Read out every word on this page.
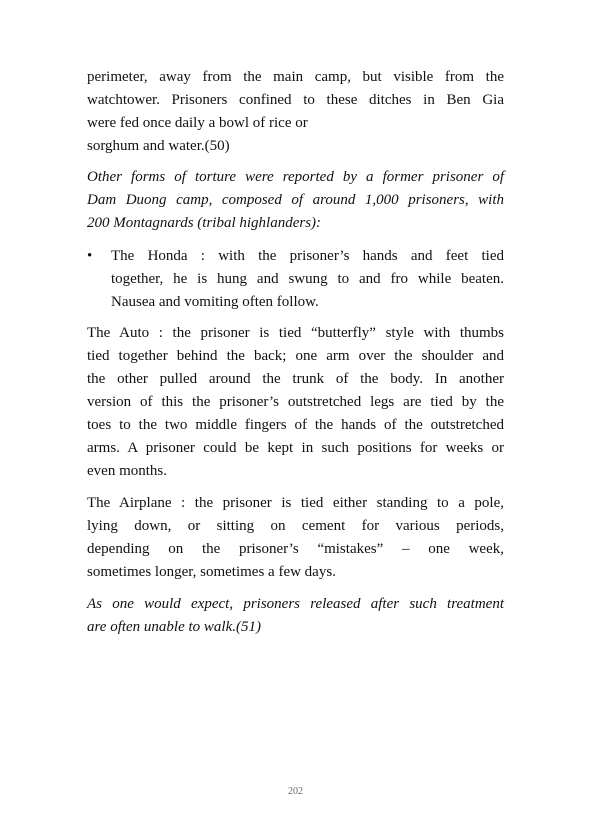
perimeter, away from the main camp, but visible from the
watchtower. Prisoners confined to these ditches in Ben Gia
were fed once daily a bowl of rice or
sorghum and water.(50)

Other forms of torture were reported by a former prisoner of
Dam Duong camp, composed of around 1,000 prisoners, with
200 Montagnards (tribal highlanders):

• The Honda : with the prisoner’s hands and feet tied
together, he is hung and swung to and fro while beaten.
Nausea and vomiting often follow.

The Auto : the prisoner is tied “butterfly” style with thumbs
tied together behind the back; one arm over the shoulder and
the other pulled around the trunk of the body. In another
version of this the prisoner’s outstretched legs are tied by the
toes to the two middle fingers of the hands of the outstretched
arms. A prisoner could be kept in such positions for weeks or
even months.

The Airplane : the prisoner is tied either standing to a pole,
lying down, or sitting on cement for various periods,
depending on the prisoner’s “mistakes” – one week,
sometimes longer, sometimes a few days.

As one would expect, prisoners released after such treatment
are often unable to walk.(51)

202
